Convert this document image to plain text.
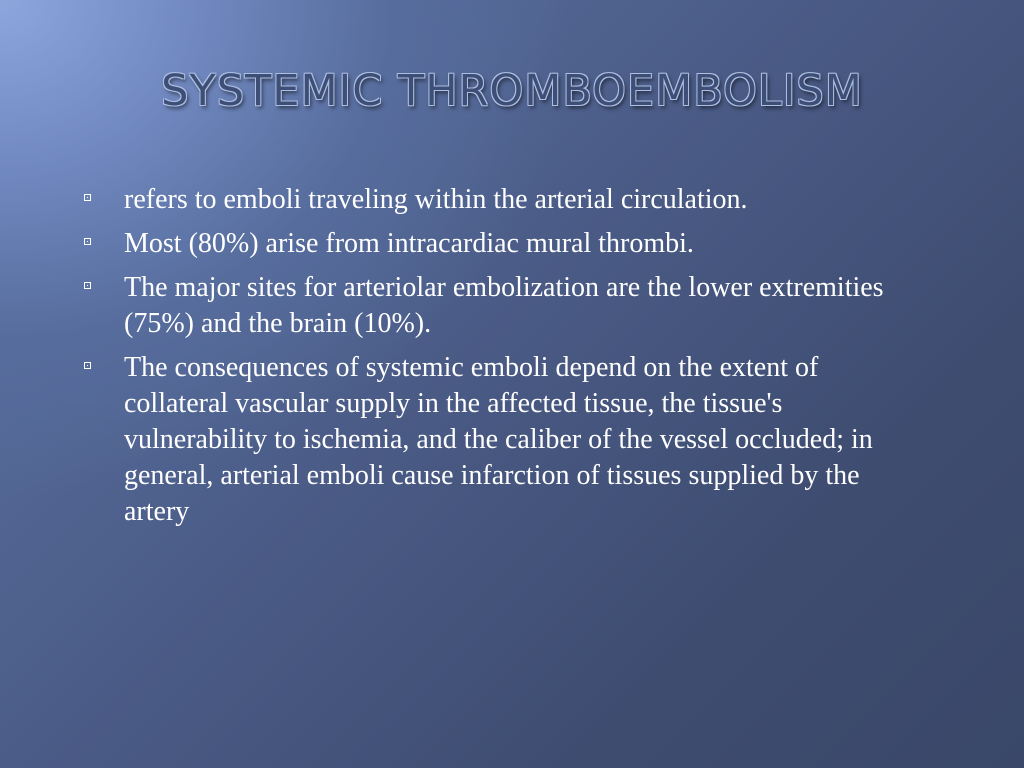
SYSTEMIC THROMBOEMBOLISM
refers to emboli traveling within the arterial circulation.
Most (80%) arise from intracardiac mural thrombi.
The major sites for arteriolar embolization are the lower extremities (75%) and the brain (10%).
The consequences of systemic emboli depend on the extent of collateral vascular supply in the affected tissue, the tissue's vulnerability to ischemia, and the caliber of the vessel occluded; in general, arterial emboli cause infarction of tissues supplied by the artery
